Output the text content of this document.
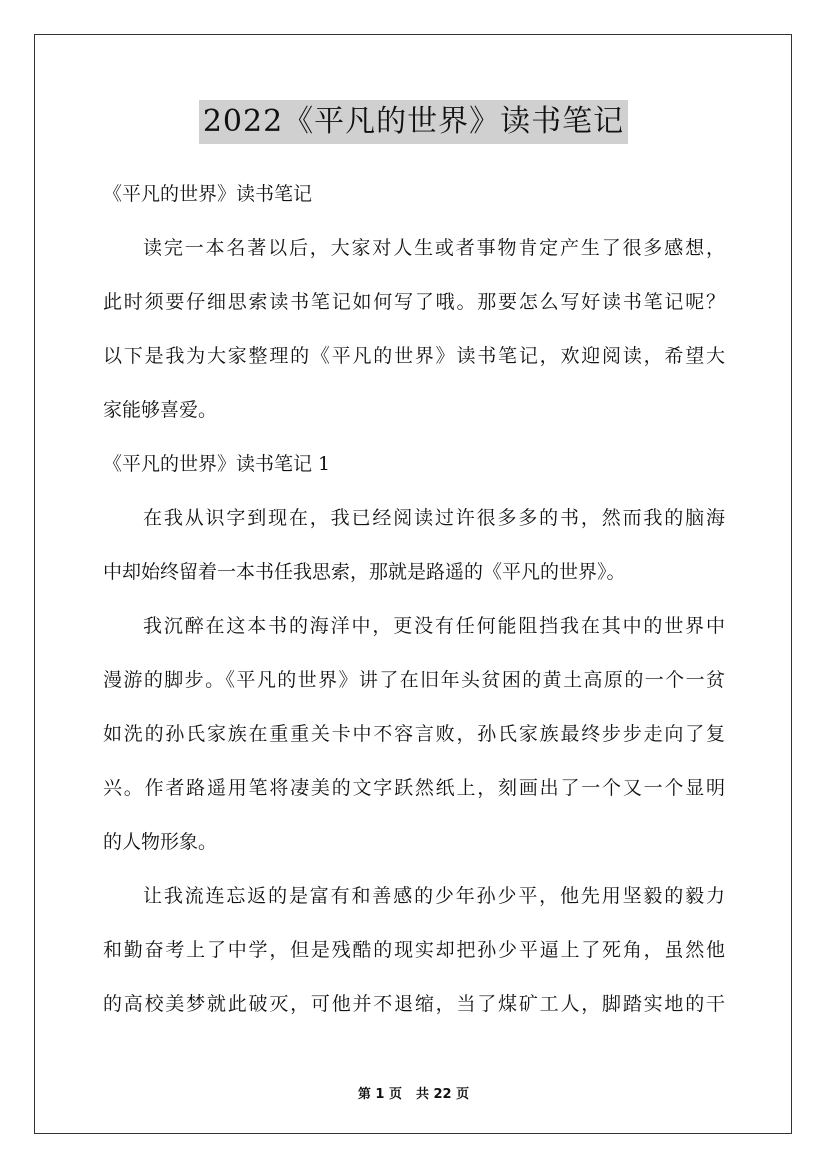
2022《平凡的世界》读书笔记
《平凡的世界》读书笔记
读完一本名著以后，大家对人生或者事物肯定产生了很多感想，
此时须要仔细思索读书笔记如何写了哦。那要怎么写好读书笔记呢？
以下是我为大家整理的《平凡的世界》读书笔记，欢迎阅读，希望大
家能够喜爱。
《平凡的世界》读书笔记 1
在我从识字到现在，我已经阅读过许很多多的书，然而我的脑海
中却始终留着一本书任我思索，那就是路遥的《平凡的世界》。
我沉醉在这本书的海洋中，更没有任何能阻挡我在其中的世界中
漫游的脚步。《平凡的世界》讲了在旧年头贫困的黄土高原的一个一贫
如洗的孙氏家族在重重关卡中不容言败，孙氏家族最终步步走向了复
兴。作者路遥用笔将凄美的文字跃然纸上，刻画出了一个又一个显明
的人物形象。
让我流连忘返的是富有和善感的少年孙少平，他先用坚毅的毅力
和勤奋考上了中学，但是残酷的现实却把孙少平逼上了死角，虽然他
的高校美梦就此破灭，可他并不退缩，当了煤矿工人，脚踏实地的干
第 1 页 共 22 页
